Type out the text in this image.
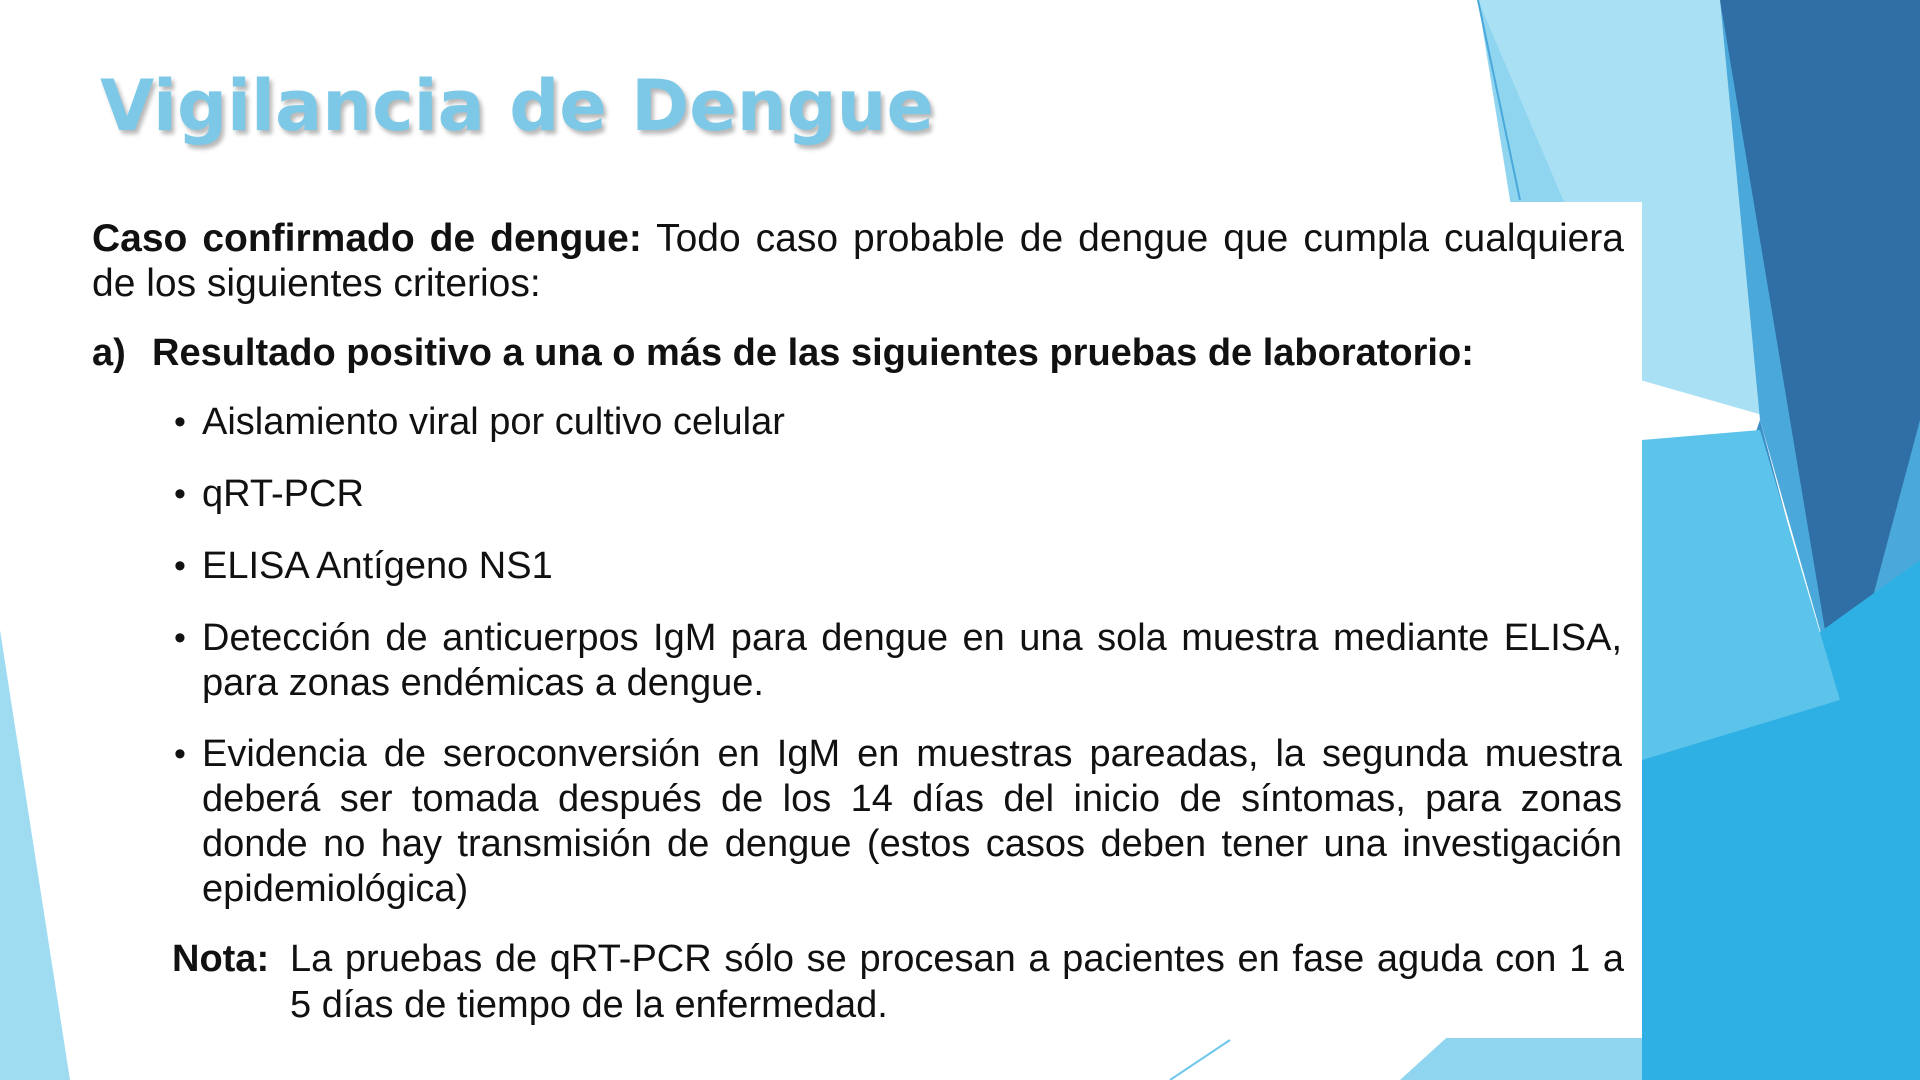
Vigilancia de Dengue

Caso confirmado de dengue: Todo caso probable de dengue que cumpla cualquiera de los siguientes criterios:

a) Resultado positivo a una o más de las siguientes pruebas de laboratorio:

• Aislamiento viral por cultivo celular
• qRT-PCR
• ELISA Antígeno NS1
• Detección de anticuerpos IgM para dengue en una sola muestra mediante ELISA, para zonas endémicas a dengue.
• Evidencia de seroconversión en IgM en muestras pareadas, la segunda muestra deberá ser tomada después de los 14 días del inicio de síntomas, para zonas donde no hay transmisión de dengue (estos casos deben tener una investigación epidemiológica)
Nota: La pruebas de qRT-PCR sólo se procesan a pacientes en fase aguda con 1 a 5 días de tiempo de la enfermedad.
